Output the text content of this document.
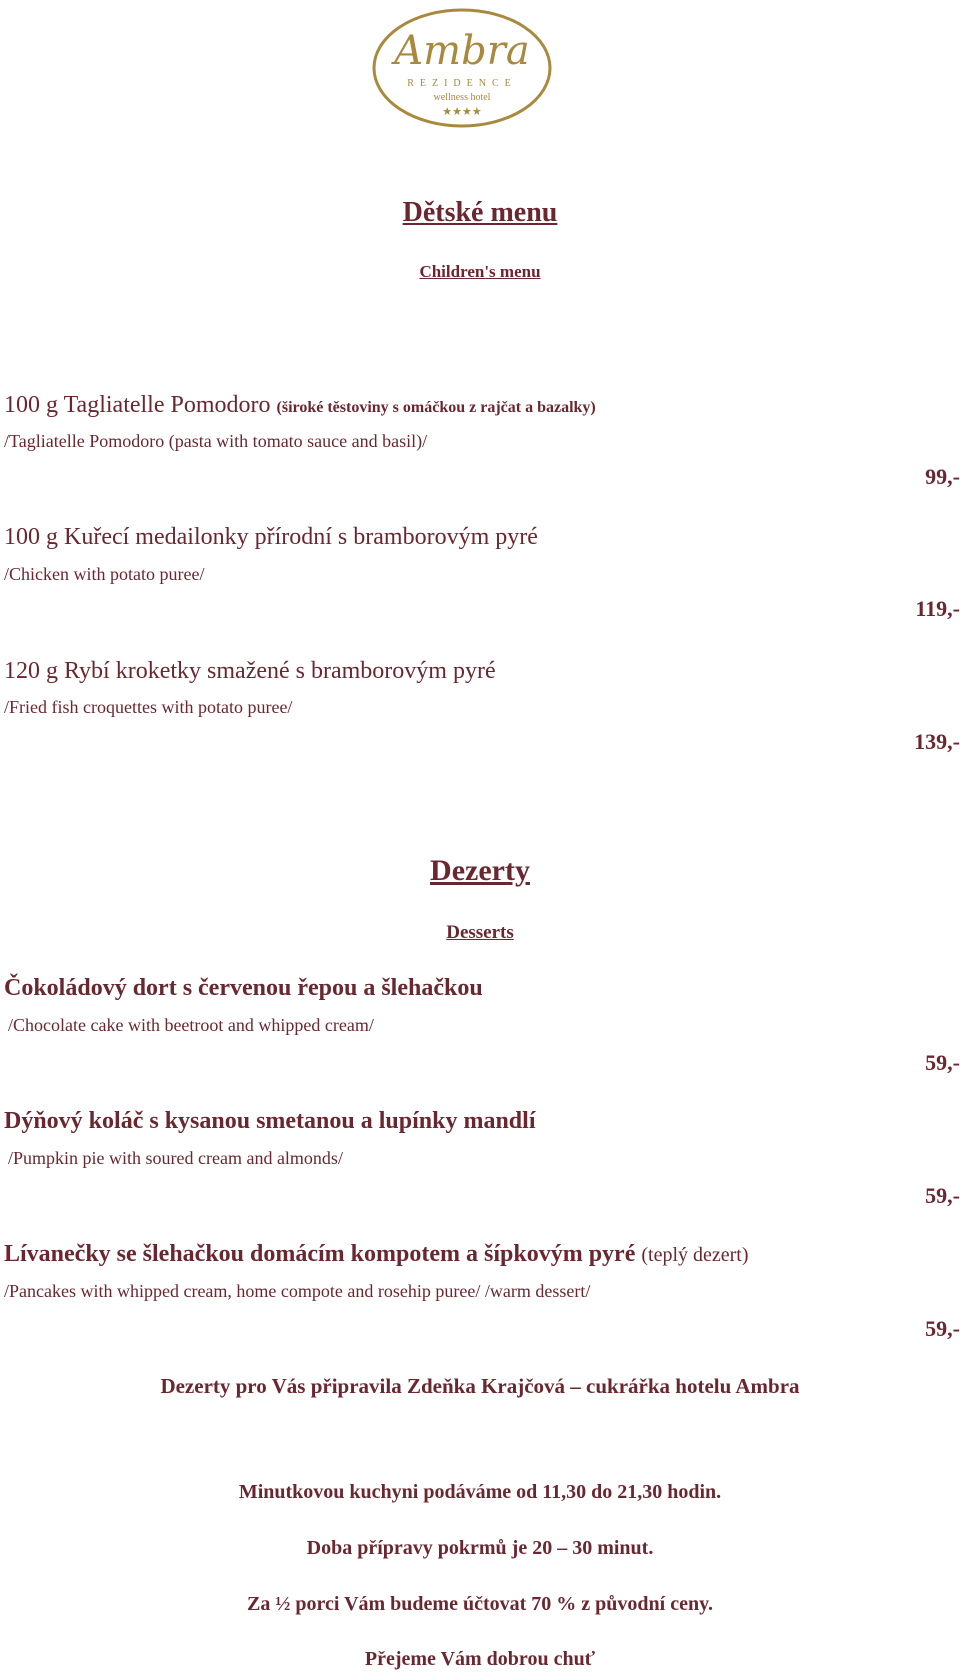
Ambra
REZIDENCE
wellness hotel
★★★★
Dětské menu
Children's menu
100 g Tagliatelle Pomodoro (široké těstoviny s omáčkou z rajčat a bazalky)
/Tagliatelle Pomodoro (pasta with tomato sauce and basil)/
99,-
100 g Kuřecí medailonky přírodní s bramborovým pyré
/Chicken with potato puree/
119,-
120 g Rybí kroketky smažené s bramborovým pyré
/Fried fish croquettes with potato puree/
139,-
Dezerty
Desserts
Čokoládový dort s červenou řepou a šlehačkou
/Chocolate cake with beetroot and whipped cream/
59,-
Dýňový koláč s kysanou smetanou a lupínky mandlí
/Pumpkin pie with soured cream and almonds/
59,-
Lívanečky se šlehačkou domácím kompotem a šípkovým pyré (teplý dezert)
/Pancakes with whipped cream, home compote and rosehip puree/ /warm dessert/
59,-
Dezerty pro Vás připravila Zdeňka Krajčová – cukrářka hotelu Ambra
Minutkovou kuchyni podáváme od 11,30 do 21,30 hodin.
Doba přípravy pokrmů je 20 – 30 minut.
Za ½ porci Vám budeme účtovat 70 % z původní ceny.
Přejeme Vám dobrou chuť
